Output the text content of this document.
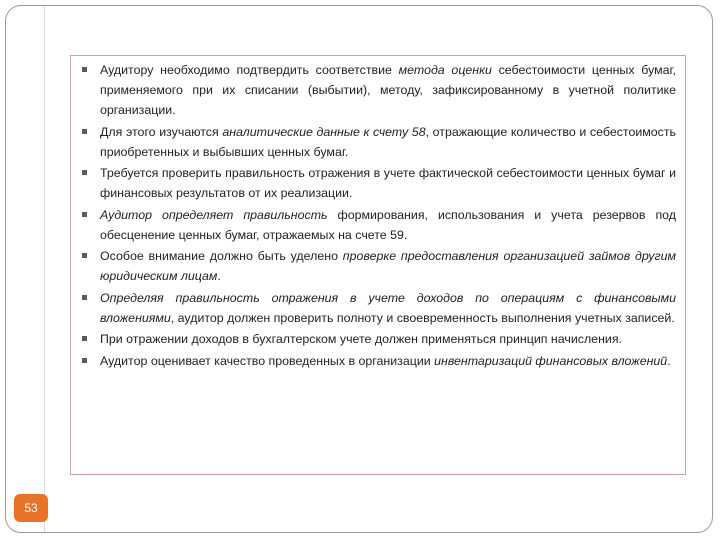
Аудитору необходимо подтвердить соответствие метода оценки себестоимости ценных бумаг, применяемого при их списании (выбытии), методу, зафиксированному в учетной политике организации.
Для этого изучаются аналитические данные к счету 58, отражающие количество и себестоимость приобретенных и выбывших ценных бумаг.
Требуется проверить правильность отражения в учете фактической себестоимости ценных бумаг и финансовых результатов от их реализации.
Аудитор определяет правильность формирования, использования и учета резервов под обесценение ценных бумаг, отражаемых на счете 59.
Особое внимание должно быть уделено проверке предоставления организацией займов другим юридическим лицам.
Определяя правильность отражения в учете доходов по операциям с финансовыми вложениями, аудитор должен проверить полноту и своевременность выполнения учетных записей.
При отражении доходов в бухгалтерском учете должен применяться принцип начисления.
Аудитор оценивает качество проведенных в организации инвентаризаций финансовых вложений.
53
